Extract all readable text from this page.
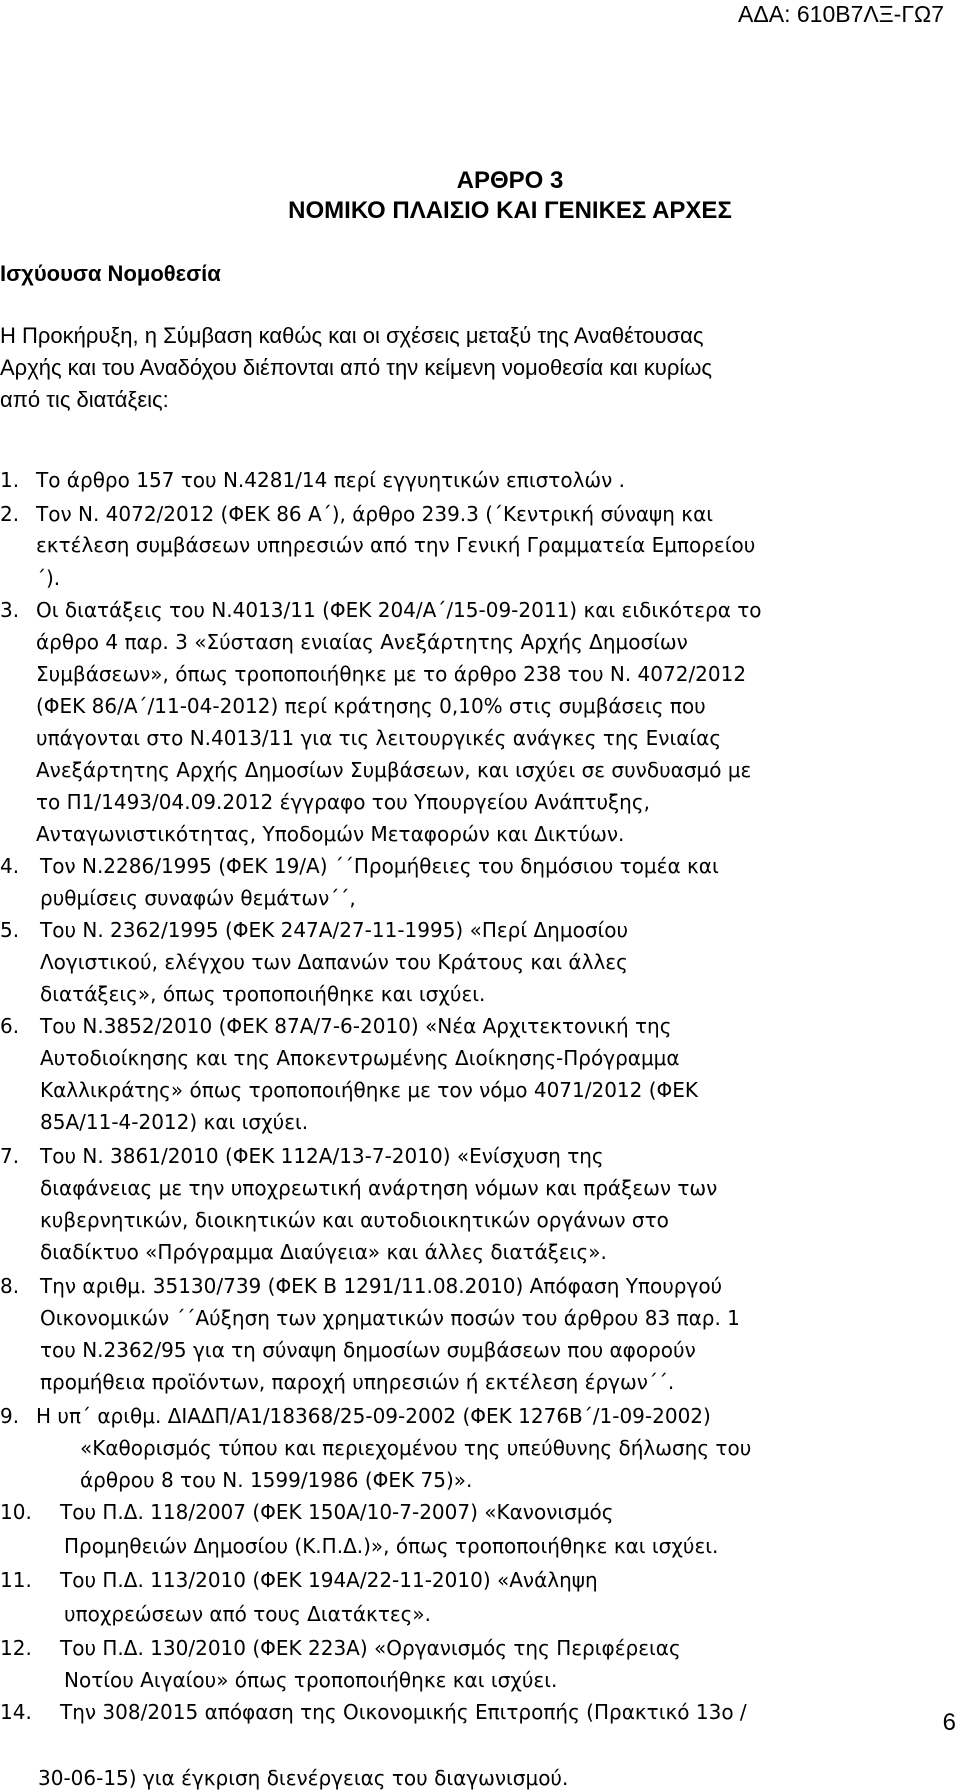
ΑΔΑ: 610Β7ΛΞ-ΓΩ7
ΑΡΘΡΟ 3
ΝΟΜΙΚΟ ΠΛΑΙΣΙΟ ΚΑΙ ΓΕΝΙΚΕΣ ΑΡΧΕΣ
Ισχύουσα Νομοθεσία

Η Προκήρυξη, η Σύμβαση καθώς και οι σχέσεις μεταξύ της Αναθέτουσας
Αρχής και του Αναδόχου διέπονται από την κείμενη νομοθεσία και κυρίως
από τις διατάξεις:

1. Το άρθρο 157 του Ν.4281/14 περί εγγυητικών επιστολών .
2. Τον Ν. 4072/2012 (ΦΕΚ 86 Α΄), άρθρο 239.3 (΄Κεντρική σύναψη και
εκτέλεση συμβάσεων υπηρεσιών από την Γενική Γραμματεία Εμπορείου
΄).
3. Οι διατάξεις του Ν.4013/11 (ΦΕΚ 204/Α΄/15-09-2011) και ειδικότερα το
άρθρο 4 παρ. 3 «Σύσταση ενιαίας Ανεξάρτητης Αρχής Δημοσίων
Συμβάσεων», όπως τροποποιήθηκε με το άρθρο 238 του Ν. 4072/2012
(ΦΕΚ 86/Α΄/11-04-2012) περί κράτησης 0,10% στις συμβάσεις που
υπάγονται στο Ν.4013/11 για τις λειτουργικές ανάγκες της Ενιαίας
Ανεξάρτητης Αρχής Δημοσίων Συμβάσεων, και ισχύει σε συνδυασμό με
το Π1/1493/04.09.2012 έγγραφο του Υπουργείου Ανάπτυξης,
Ανταγωνιστικότητας, Υποδομών Μεταφορών και Δικτύων.
4. Τον Ν.2286/1995 (ΦΕΚ 19/Α) ΄΄Προμήθειες του δημόσιου τομέα και
ρυθμίσεις συναφών θεμάτων΄΄,
5. Του Ν. 2362/1995 (ΦΕΚ 247Α/27-11-1995) «Περί Δημοσίου
Λογιστικού, ελέγχου των Δαπανών του Κράτους και άλλες
διατάξεις», όπως τροποποιήθηκε και ισχύει.
6. Του Ν.3852/2010 (ΦΕΚ 87Α/7-6-2010) «Νέα Αρχιτεκτονική της
Αυτοδιοίκησης και της Αποκεντρωμένης Διοίκησης-Πρόγραμμα
Καλλικράτης» όπως τροποποιήθηκε με τον νόμο 4071/2012 (ΦΕΚ
85Α/11-4-2012) και ισχύει.
7. Του Ν. 3861/2010 (ΦΕΚ 112Α/13-7-2010) «Ενίσχυση της
διαφάνειας με την υποχρεωτική ανάρτηση νόμων και πράξεων των
κυβερνητικών, διοικητικών και αυτοδιοικητικών οργάνων στο
διαδίκτυο «Πρόγραμμα Διαύγεια» και άλλες διατάξεις».
8. Την αριθμ. 35130/739 (ΦΕΚ Β 1291/11.08.2010) Απόφαση Υπουργού
Οικονομικών ΄΄Αύξηση των χρηματικών ποσών του άρθρου 83 παρ. 1
του Ν.2362/95 για τη σύναψη δημοσίων συμβάσεων που αφορούν
προμήθεια προϊόντων, παροχή υπηρεσιών ή εκτέλεση έργων΄΄.
9. Η υπ΄ αριθμ. ΔΙΑΔΠ/Α1/18368/25-09-2002 (ΦΕΚ 1276Β΄/1-09-2002)
«Καθορισμός τύπου και περιεχομένου της υπεύθυνης δήλωσης του
άρθρου 8 του Ν. 1599/1986 (ΦΕΚ 75)».
10. Του Π.Δ. 118/2007 (ΦΕΚ 150Α/10-7-2007) «Κανονισμός
Προμηθειών Δημοσίου (Κ.Π.Δ.)», όπως τροποποιήθηκε και ισχύει.
11. Του Π.Δ. 113/2010 (ΦΕΚ 194Α/22-11-2010) «Ανάληψη
υποχρεώσεων από τους Διατάκτες».
12. Του Π.Δ. 130/2010 (ΦΕΚ 223Α) «Οργανισμός της Περιφέρειας
Νοτίου Αιγαίου» όπως τροποποιήθηκε και ισχύει.
14. Την 308/2015 απόφαση της Οικονομικής Επιτροπής (Πρακτικό 13ο /
30-06-15) για έγκριση διενέργειας του διαγωνισμού.
6
